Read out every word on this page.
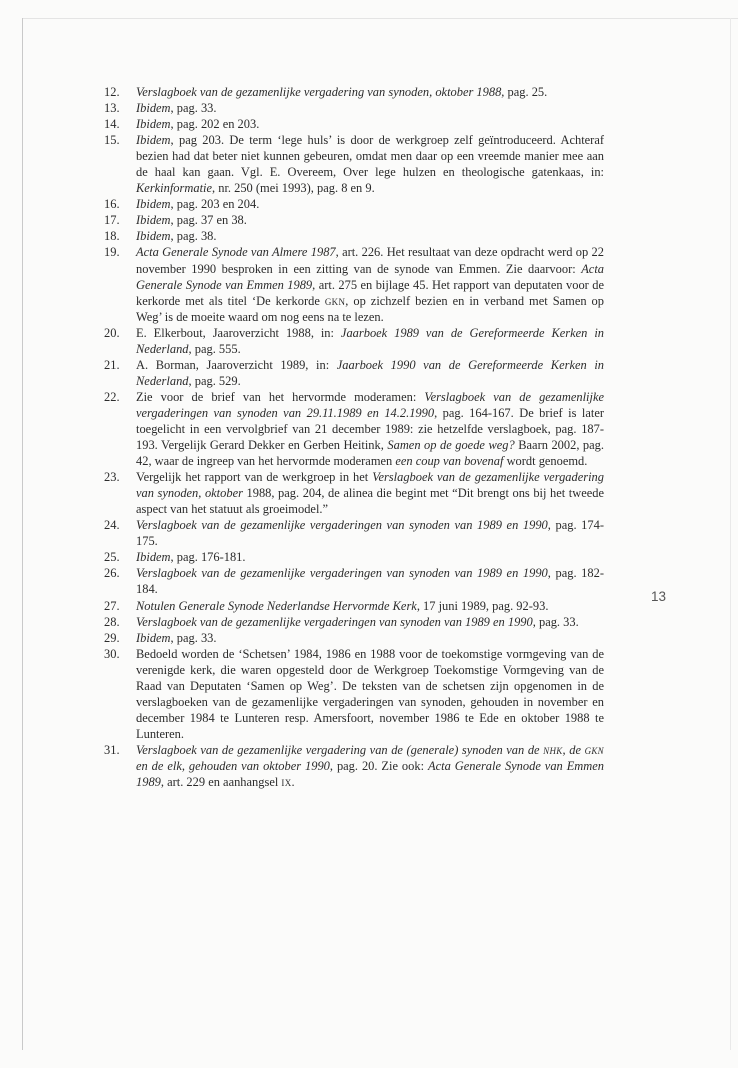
12. Verslagboek van de gezamenlijke vergadering van synoden, oktober 1988, pag. 25.
13. Ibidem, pag. 33.
14. Ibidem, pag. 202 en 203.
15. Ibidem, pag 203. De term ‘lege huls’ is door de werkgroep zelf geïntroduceerd. Achteraf bezien had dat beter niet kunnen gebeuren, omdat men daar op een vreemde manier mee aan de haal kan gaan. Vgl. E. Overeem, Over lege hulzen en theologische gatenkaas, in: Kerkinformatie, nr. 250 (mei 1993), pag. 8 en 9.
16. Ibidem, pag. 203 en 204.
17. Ibidem, pag. 37 en 38.
18. Ibidem, pag. 38.
19. Acta Generale Synode van Almere 1987, art. 226. Het resultaat van deze opdracht werd op 22 november 1990 besproken in een zitting van de synode van Emmen. Zie daarvoor: Acta Generale Synode van Emmen 1989, art. 275 en bijlage 45. Het rapport van deputaten voor de kerkorde met als titel ‘De kerkorde gkn, op zichzelf bezien en in verband met Samen op Weg’ is de moeite waard om nog eens na te lezen.
20. E. Elkerbout, Jaaroverzicht 1988, in: Jaarboek 1989 van de Gereformeerde Kerken in Nederland, pag. 555.
21. A. Borman, Jaaroverzicht 1989, in: Jaarboek 1990 van de Gereformeerde Kerken in Nederland, pag. 529.
22. Zie voor de brief van het hervormde moderamen: Verslagboek van de gezamenlijke vergaderingen van synoden van 29.11.1989 en 14.2.1990, pag. 164-167. De brief is later toegelicht in een vervolgbrief van 21 december 1989: zie hetzelfde verslagboek, pag. 187-193. Vergelijk Gerard Dekker en Gerben Heitink, Samen op de goede weg? Baarn 2002, pag. 42, waar de ingreep van het hervormde moderamen een coup van bovenaf wordt genoemd.
23. Vergelijk het rapport van de werkgroep in het Verslagboek van de gezamenlijke vergadering van synoden, oktober 1988, pag. 204, de alinea die begint met “Dit brengt ons bij het tweede aspect van het statuut als groeimodel.”
24. Verslagboek van de gezamenlijke vergaderingen van synoden van 1989 en 1990, pag. 174-175.
25. Ibidem, pag. 176-181.
26. Verslagboek van de gezamenlijke vergaderingen van synoden van 1989 en 1990, pag. 182-184.
27. Notulen Generale Synode Nederlandse Hervormde Kerk, 17 juni 1989, pag. 92-93.
28. Verslagboek van de gezamenlijke vergaderingen van synoden van 1989 en 1990, pag. 33.
29. Ibidem, pag. 33.
30. Bedoeld worden de ‘Schetsen’ 1984, 1986 en 1988 voor de toekomstige vormgeving van de verenigde kerk, die waren opgesteld door de Werkgroep Toekomstige Vormgeving van de Raad van Deputaten ‘Samen op Weg’. De teksten van de schetsen zijn opgenomen in de verslagboeken van de gezamenlijke vergaderingen van synoden, gehouden in november en december 1984 te Lunteren resp. Amersfoort, november 1986 te Ede en oktober 1988 te Lunteren.
31. Verslagboek van de gezamenlijke vergadering van de (generale) synoden van de nhk, de gkn en de elk, gehouden van oktober 1990, pag. 20. Zie ook: Acta Generale Synode van Emmen 1989, art. 229 en aanhangsel ix.
13
